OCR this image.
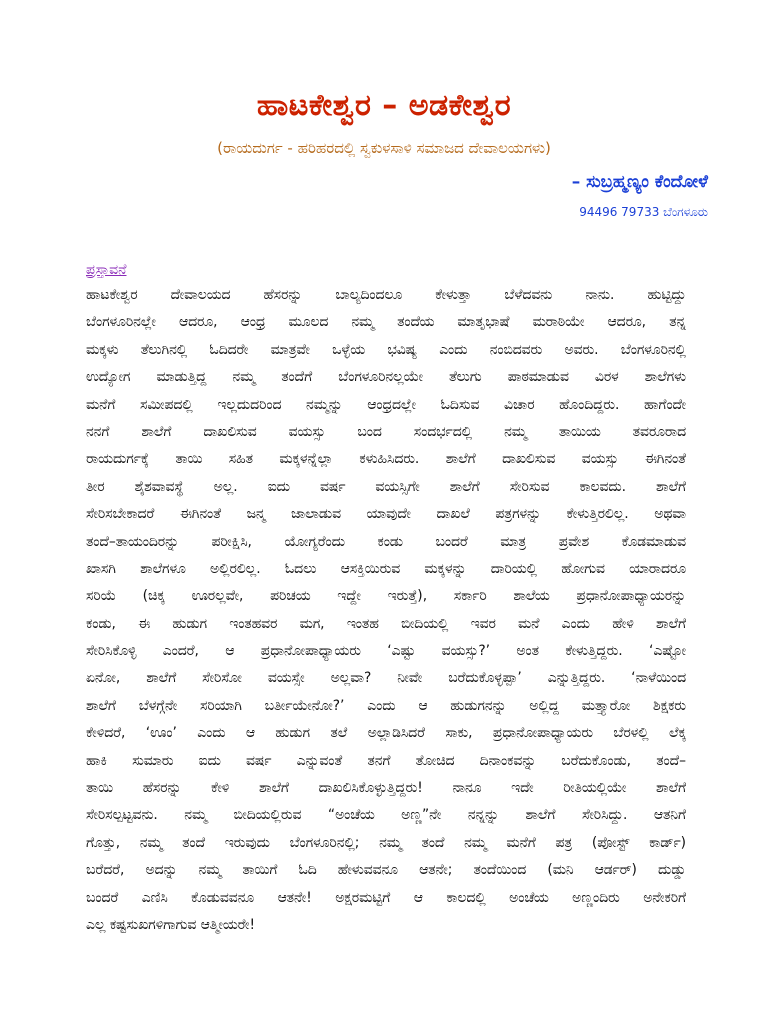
ಹಾಟಕೇಶ್ವರ – ಅಡಕೇಶ್ವರ
(ರಾಯದುರ್ಗ - ಹರಿಹರದಲ್ಲಿ ಸ್ವಕುಳಸಾಳಿ ಸಮಾಜದ ದೇವಾಲಯಗಳು)
– ಸುಬ್ರಹ್ಮಣ್ಯಂ ಕೆಂದೋಳೆ
94496 79733 ಬೆಂಗಳೂರು
ಪ್ರಸ್ತಾವನೆ
ಹಾಟಕೇಶ್ವರ ದೇವಾಲಯದ ಹೆಸರನ್ನು ಬಾಲ್ಯದಿಂದಲೂ ಕೇಳುತ್ತಾ ಬೆಳೆದವನು ನಾನು. ಹುಟ್ಟಿದ್ದು
ಬೆಂಗಳೂರಿನಲ್ಲೇ ಆದರೂ, ಆಂಧ್ರ ಮೂಲದ ನಮ್ಮ ತಂದೆಯ ಮಾತೃಭಾಷೆ ಮರಾಠಿಯೇ ಆದರೂ, ತನ್ನ
ಮಕ್ಕಳು ತೆಲುಗಿನಲ್ಲಿ ಓದಿದರೇ ಮಾತ್ರವೇ ಒಳ್ಳೆಯ ಭವಿಷ್ಯ ಎಂದು ನಂಬಿದವರು ಅವರು. ಬೆಂಗಳೂರಿನಲ್ಲಿ
ಉದ್ಯೋಗ ಮಾಡುತ್ತಿದ್ದ ನಮ್ಮ ತಂದೆಗೆ ಬೆಂಗಳೂರಿನಲ್ಲಯೇ ತೆಲುಗು ಪಾಠಮಾಡುವ ವಿರಳ ಶಾಲೆಗಳು
ಮನೆಗೆ ಸಮೀಪದಲ್ಲಿ ಇಲ್ಲದುದರಿಂದ ನಮ್ಮನ್ನು ಆಂಧ್ರದಲ್ಲೇ ಓದಿಸುವ ವಿಚಾರ ಹೊಂದಿದ್ದರು. ಹಾಗೆಂದೇ
ನನಗೆ ಶಾಲೆಗೆ ದಾಖಲಿಸುವ ವಯಸ್ಸು ಬಂದ ಸಂದರ್ಭದಲ್ಲಿ ನಮ್ಮ ತಾಯಿಯ ತವರೂರಾದ
ರಾಯದುರ್ಗಕ್ಕೆ ತಾಯಿ ಸಹಿತ ಮಕ್ಕಳನ್ನೆಲ್ಲಾ ಕಳುಹಿಸಿದರು. ಶಾಲೆಗೆ ದಾಖಲಿಸುವ ವಯಸ್ಸು ಈಗಿನಂತೆ
ತೀರ ಶೈಶವಾವಸ್ಥೆ ಅಲ್ಲ. ಐದು ವರ್ಷ ವಯಸ್ಸಿಗೇ ಶಾಲೆಗೆ ಸೇರಿಸುವ ಕಾಲವದು. ಶಾಲೆಗೆ
ಸೇರಿಸಬೇಕಾದರೆ ಈಗಿನಂತೆ ಜನ್ಮ ಜಾಲಾಡುವ ಯಾವುದೇ ದಾಖಲೆ ಪತ್ರಗಳನ್ನು ಕೇಳುತ್ತಿರಲಿಲ್ಲ. ಅಥವಾ
ತಂದೆ–ತಾಯಂದಿರನ್ನು ಪರೀಕ್ಷಿಸಿ, ಯೋಗ್ಯರೆಂದು ಕಂಡು ಬಂದರೆ ಮಾತ್ರ ಪ್ರವೇಶ ಕೊಡಮಾಡುವ
ಖಾಸಗಿ ಶಾಲೆಗಳೂ ಅಲ್ಲಿರಲಿಲ್ಲ. ಓದಲು ಆಸಕ್ತಿಯಿರುವ ಮಕ್ಕಳನ್ನು ದಾರಿಯಲ್ಲಿ ಹೋಗುವ ಯಾರಾದರೂ
ಸರಿಯೆ (ಚಿಕ್ಕ ಊರಲ್ಲವೇ, ಪರಿಚಯ ಇದ್ದೇ ಇರುತ್ತೆ), ಸರ್ಕಾರಿ ಶಾಲೆಯ ಪ್ರಧಾನೋಪಾಧ್ಯಾಯರನ್ನು
ಕಂಡು, ಈ ಹುಡುಗ ಇಂತಹವರ ಮಗ, ಇಂತಹ ಬೀದಿಯಲ್ಲಿ ಇವರ ಮನೆ ಎಂದು ಹೇಳಿ ಶಾಲೆಗೆ
ಸೇರಿಸಿಕೊಳ್ಳಿ ಎಂದರೆ, ಆ ಪ್ರಧಾನೋಪಾಧ್ಯಾಯರು ‘ಎಷ್ಟು ವಯಸ್ಸು?’ ಅಂತ ಕೇಳುತ್ತಿದ್ದರು. ‘ಎಷ್ಟೋ
ಏನೋ, ಶಾಲೆಗೆ ಸೇರಿಸೋ ವಯಸ್ಸೇ ಅಲ್ಲವಾ? ನೀವೇ ಬರೆದುಕೊಳ್ಳಪ್ಪಾ’ ಎನ್ನುತ್ತಿದ್ದರು. ‘ನಾಳೆಯಿಂದ
ಶಾಲೆಗೆ ಬೆಳಗ್ಗೆನೇ ಸರಿಯಾಗಿ ಬರ್ತೀಯೇನೋ?’ ಎಂದು ಆ ಹುಡುಗನನ್ನು ಅಲ್ಲಿದ್ದ ಮತ್ತ್ಯಾರೋ ಶಿಕ್ಷಕರು
ಕೇಳಿದರೆ, ‘ಊಂ’ ಎಂದು ಆ ಹುಡುಗ ತಲೆ ಅಲ್ಲಾಡಿಸಿದರೆ ಸಾಕು, ಪ್ರಧಾನೋಪಾಧ್ಯಾಯರು ಬೆರಳಲ್ಲಿ ಲೆಕ್ಕ
ಹಾಕಿ ಸುಮಾರು ಐದು ವರ್ಷ ಎನ್ನುವಂತೆ ತನಗೆ ತೋಚಿದ ದಿನಾಂಕವನ್ನು ಬರೆದುಕೊಂಡು, ತಂದೆ–
ತಾಯಿ ಹೆಸರನ್ನು ಕೇಳಿ ಶಾಲೆಗೆ ದಾಖಲಿಸಿಕೊಳ್ಳುತ್ತಿದ್ದರು! ನಾನೂ ಇದೇ ರೀತಿಯಲ್ಲಿಯೇ ಶಾಲೆಗೆ
ಸೇರಿಸಲ್ಪಟ್ಟವನು. ನಮ್ಮ ಬೀದಿಯಲ್ಲಿರುವ “ಅಂಚೆಯ ಅಣ್ಣ”ನೇ ನನ್ನನ್ನು ಶಾಲೆಗೆ ಸೇರಿಸಿದ್ದು. ಆತನಿಗೆ
ಗೊತ್ತು, ನಮ್ಮ ತಂದೆ ಇರುವುದು ಬೆಂಗಳೂರಿನಲ್ಲಿ; ನಮ್ಮ ತಂದೆ ನಮ್ಮ ಮನೆಗೆ ಪತ್ರ (ಪೋಸ್ಟ್ ಕಾರ್ಡ್)
ಬರೆದರೆ, ಅದನ್ನು ನಮ್ಮ ತಾಯಿಗೆ ಓದಿ ಹೇಳುವವನೂ ಆತನೇ; ತಂದೆಯಿಂದ (ಮನಿ ಆರ್ಡರ್) ದುಡ್ಡು
ಬಂದರೆ ಎಣಿಸಿ ಕೊಡುವವನೂ ಆತನೇ! ಅಕ್ಷರಮಟ್ಟಿಗೆ ಆ ಕಾಲದಲ್ಲಿ ಅಂಚೆಯ ಅಣ್ಣಂದಿರು ಅನೇಕರಿಗೆ
ಎಲ್ಲ ಕಷ್ಟಸುಖಗಳಿಗಾಗುವ ಆತ್ಮೀಯರೇ!
